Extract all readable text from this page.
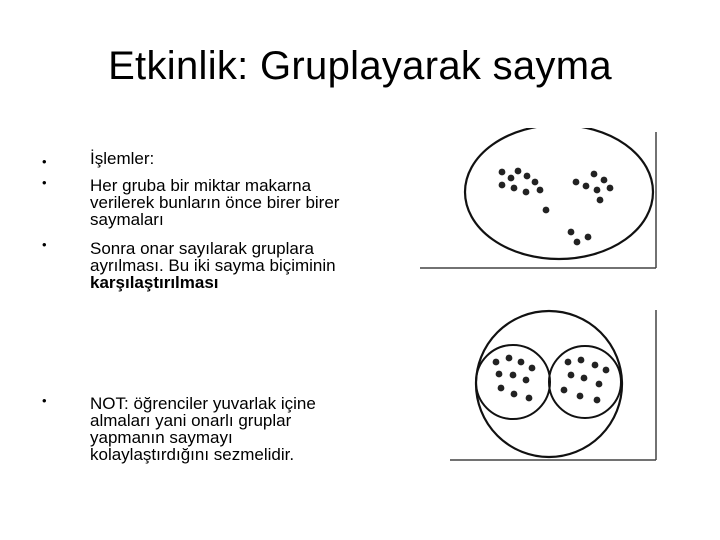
Etkinlik: Gruplayarak sayma
•	İşlemler:
•	Her gruba bir miktar makarna verilerek bunların önce birer birer saymaları
•	Sonra onar sayılarak gruplara ayrılması. Bu iki sayma biçiminin karşılaştırılması
•	NOT: öğrenciler yuvarlak içine almaları yani onarlı gruplar yapmanın saymayı kolaylaştırdığını sezmelidir.
